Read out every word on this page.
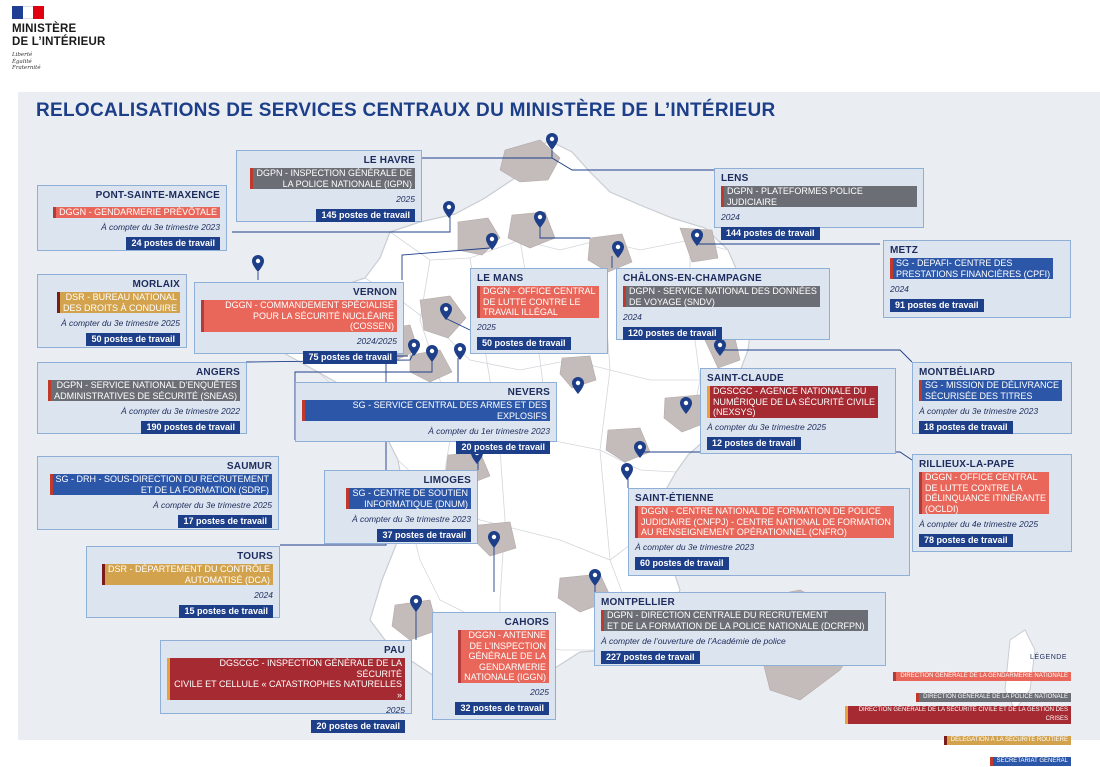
MINISTÈRE
DE L’INTÉRIEUR
Liberté
Égalité
Fraternité
RELOCALISATIONS DE SERVICES CENTRAUX DU MINISTÈRE DE L’INTÉRIEUR
LE HAVRE
DGPN - INSPECTION GÉNÉRALE DE
LA POLICE NATIONALE (IGPN)
2025
145 postes de travail
PONT-SAINTE-MAXENCE
DGGN - GENDARMERIE PRÉVÔTALE
À compter du 3e trimestre 2023
24 postes de travail
LENS
DGPN - PLATEFORMES POLICE JUDICIAIRE
2024
144 postes de travail
METZ
SG - DEPAFI- CENTRE DES
PRESTATIONS FINANCIÈRES (CPFI)
2024
91 postes de travail
MORLAIX
DSR - BUREAU NATIONAL
DES DROITS À CONDUIRE
À compter du 3e trimestre 2025
50 postes de travail
VERNON
DGGN - COMMANDEMENT SPÉCIALISÉ
POUR LA SÉCURITÉ NUCLÉAIRE (COSSEN)
2024/2025
75 postes de travail
LE MANS
DGGN - OFFICE CENTRAL
DE LUTTE CONTRE LE
TRAVAIL ILLÉGAL
2025
50 postes de travail
CHÂLONS-EN-CHAMPAGNE
DGPN - SERVICE NATIONAL DES DONNÉES
DE VOYAGE (SNDV)
2024
120 postes de travail
ANGERS
DGPN - SERVICE NATIONAL D’ENQUÊTES
ADMINISTRATIVES DE SÉCURITÉ (SNEAS)
À compter du 3e trimestre 2022
190 postes de travail
NEVERS
SG - SERVICE CENTRAL DES ARMES ET DES EXPLOSIFS
À compter du 1er trimestre 2023
20 postes de travail
SAINT-CLAUDE
DGSCGC - AGENCE NATIONALE DU
NUMÉRIQUE DE LA SÉCURITÉ CIVILE
(NEXSYS)
À compter du 3e trimestre 2025
12 postes de travail
MONTBÉLIARD
SG - MISSION DE DÉLIVRANCE
SÉCURISÉE DES TITRES
À compter du 3e trimestre 2023
18 postes de travail
SAUMUR
SG - DRH - SOUS-DIRECTION DU RECRUTEMENT
ET DE LA FORMATION (SDRF)
À compter du 3e trimestre 2025
17 postes de travail
LIMOGES
SG - CENTRE DE SOUTIEN
INFORMATIQUE (DNUM)
À compter du 3e trimestre 2023
37 postes de travail
RILLIEUX-LA-PAPE
DGGN - OFFICE CENTRAL
DE LUTTE CONTRE LA
DÉLINQUANCE ITINÉRANTE
(OCLDI)
À compter du 4e trimestre 2025
78 postes de travail
SAINT-ÉTIENNE
DGGN - CENTRE NATIONAL DE FORMATION DE POLICE
JUDICIAIRE (CNFPJ) - CENTRE NATIONAL DE FORMATION
AU RENSEIGNEMENT OPÉRATIONNEL (CNFRO)
À compter du 3e trimestre 2023
60 postes de travail
TOURS
DSR - DÉPARTEMENT DU CONTRÔLE
AUTOMATISÉ (DCA)
2024
15 postes de travail
MONTPELLIER
DGPN - DIRECTION CENTRALE DU RECRUTEMENT
ET DE LA FORMATION DE LA POLICE NATIONALE (DCRFPN)
À compter de l’ouverture de l’Académie de police
227 postes de travail
PAU
DGSCGC - INSPECTION GÉNÉRALE DE LA SÉCURITÉ
CIVILE ET CELLULE « CATASTROPHES NATURELLES »
2025
20 postes de travail
CAHORS
DGGN - ANTENNE
DE L’INSPECTION
GÉNÉRALE DE LA
GENDARMERIE
NATIONALE (IGGN)
2025
32 postes de travail
LÉGENDE
DIRECTION GÉNÉRALE DE LA GENDARMERIE NATIONALE
DIRECTION GÉNÉRALE DE LA POLICE NATIONALE
DIRECTION GÉNÉRALE DE LA SÉCURITÉ CIVILE ET DE LA GESTION DES CRISES
DÉLÉGATION À LA SÉCURITÉ ROUTIÈRE
SECRÉTARIAT GÉNÉRAL
